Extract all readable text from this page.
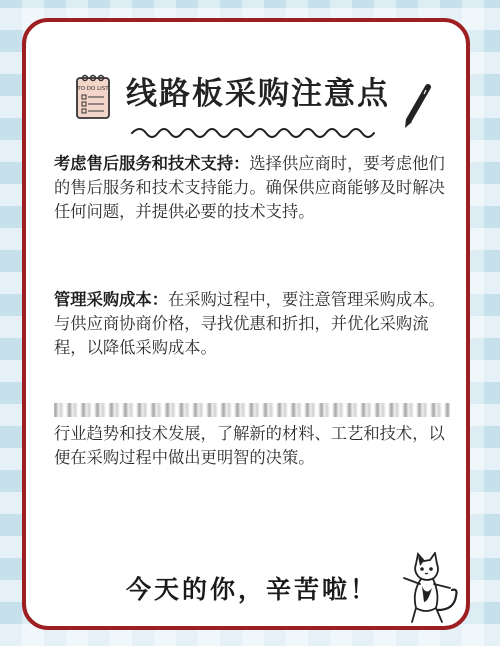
TO DO LIST 线路板采购注意点

考虑售后服务和技术支持：选择供应商时，要考虑他们的售后服务和技术支持能力。确保供应商能够及时解决任何问题，并提供必要的技术支持。

管理采购成本：在采购过程中，要注意管理采购成本。与供应商协商价格，寻找优惠和折扣，并优化采购流程，以降低采购成本。

行业趋势和技术发展，了解新的材料、工艺和技术，以便在采购过程中做出更明智的决策。

今天的你，辛苦啦！
